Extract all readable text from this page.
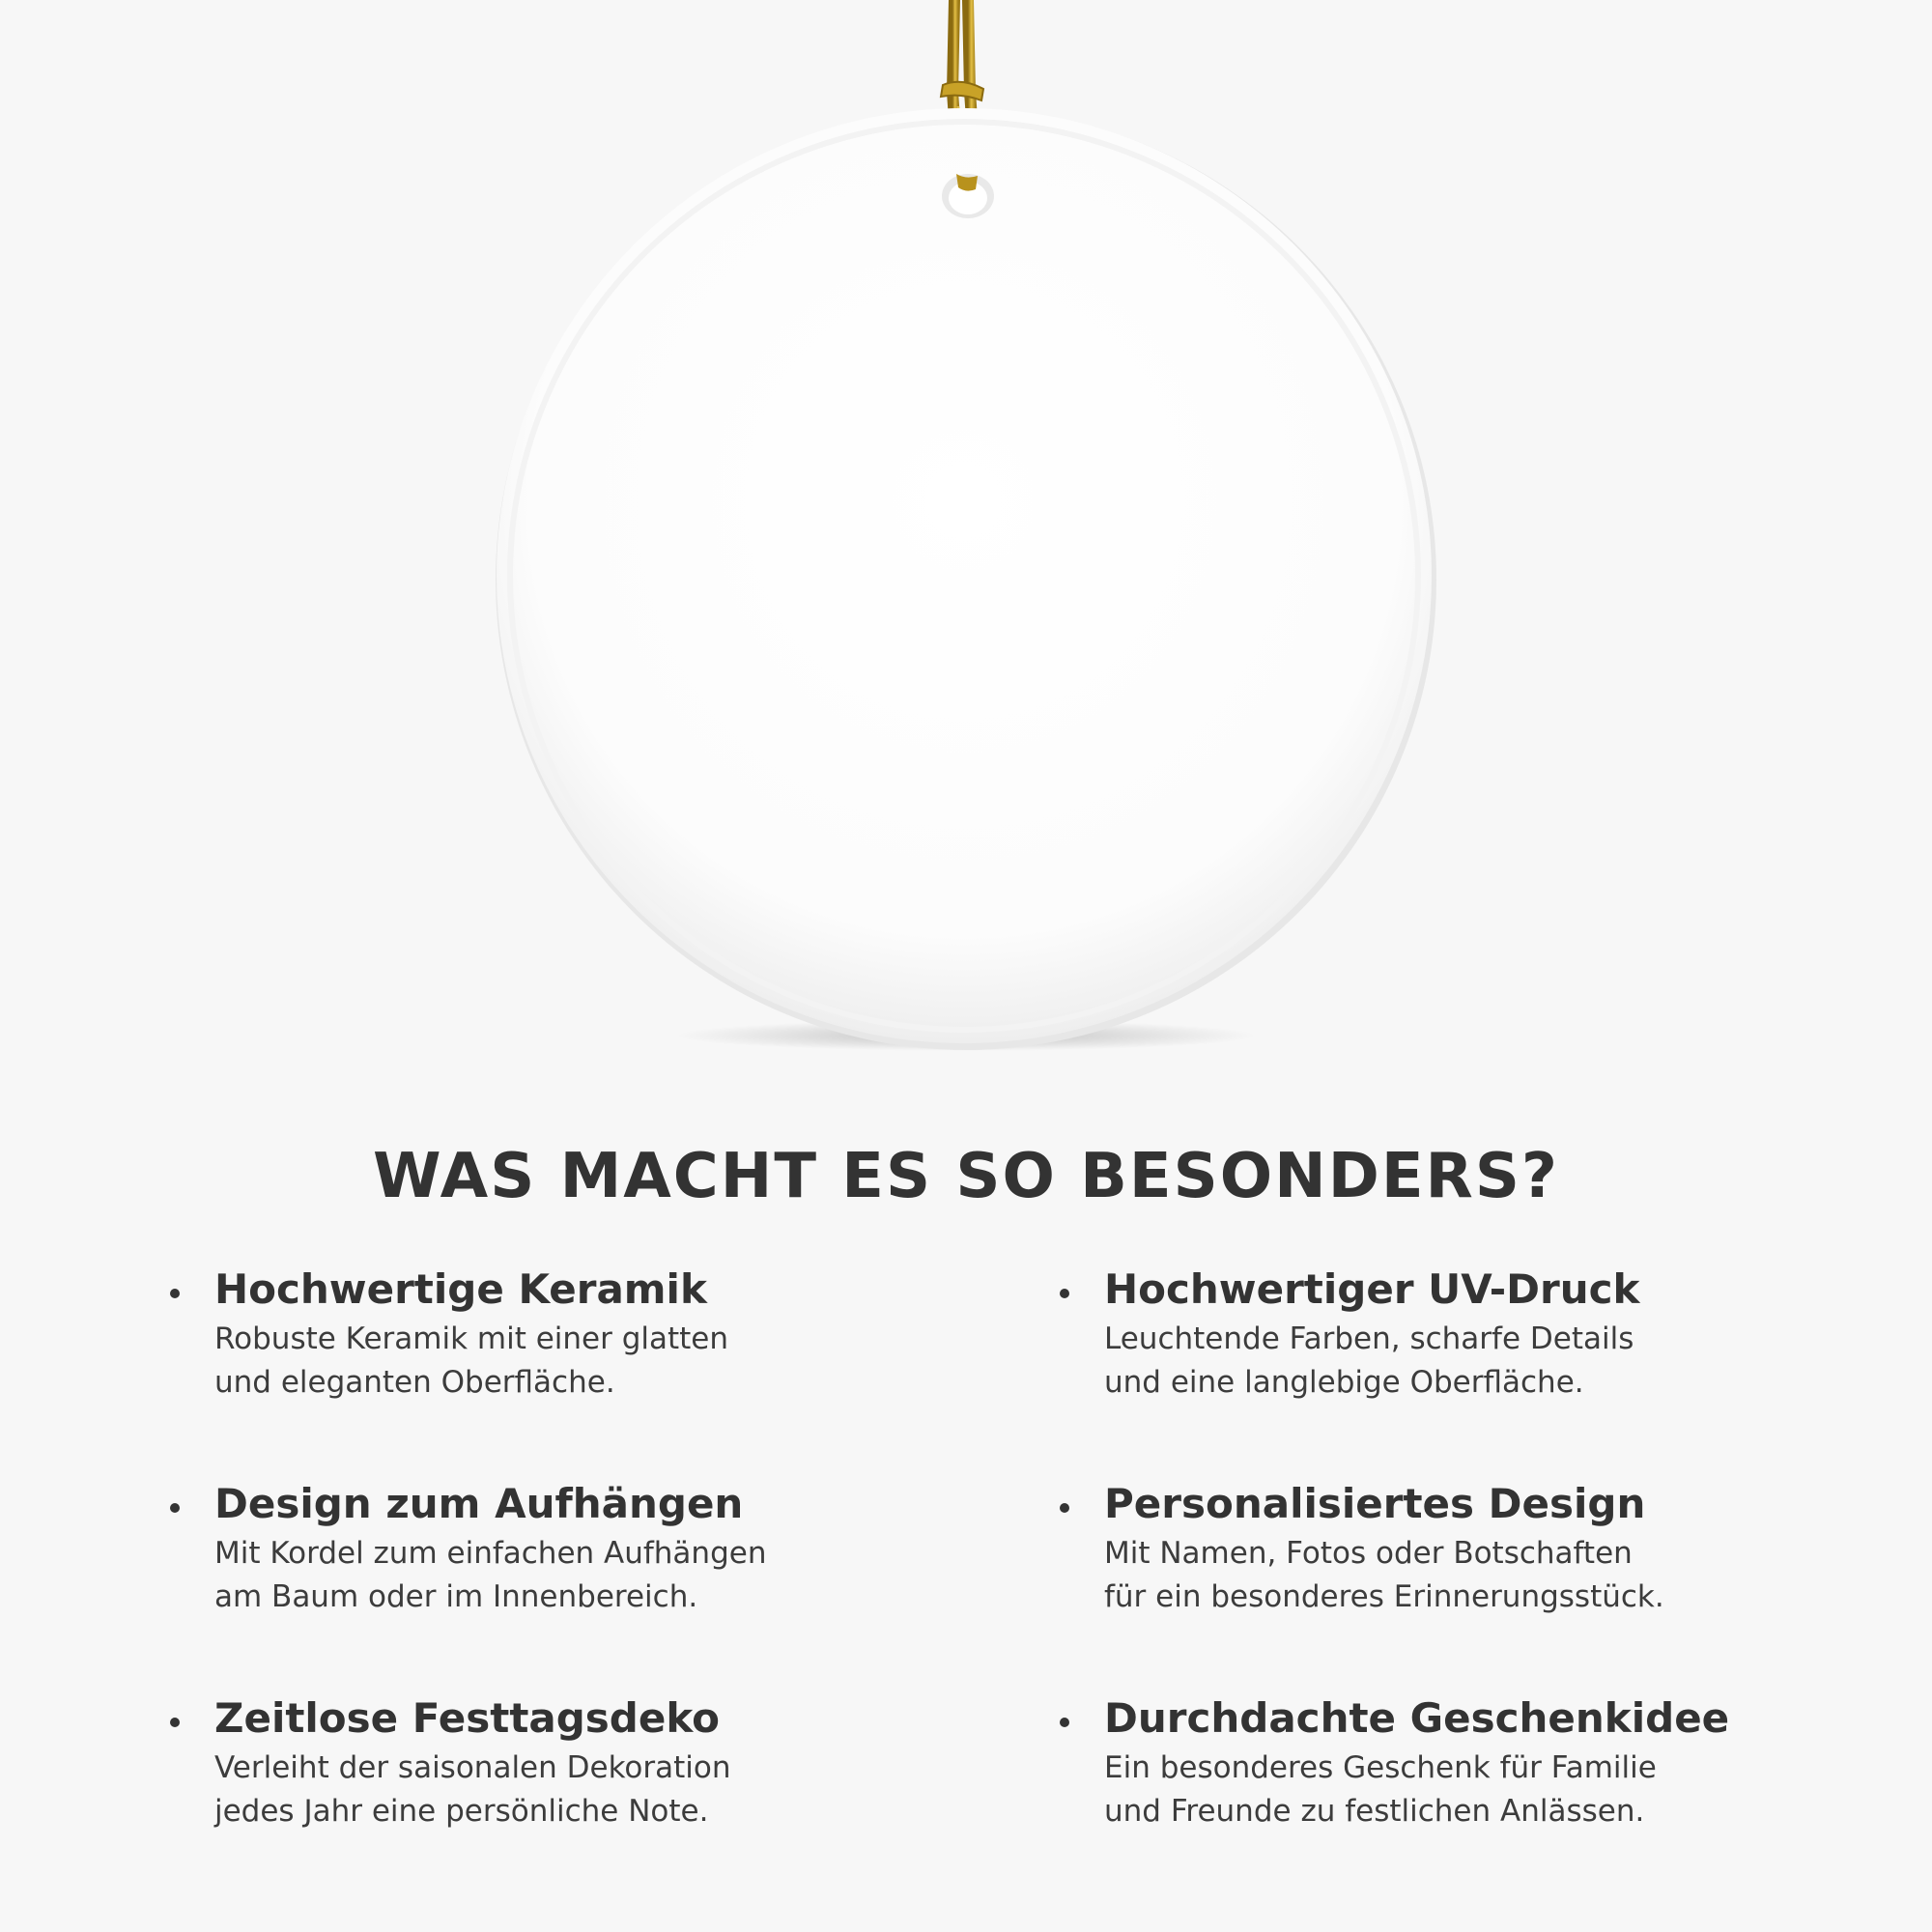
WAS MACHT ES SO BESONDERS?
Hochwertige Keramik
Robuste Keramik mit einer glatten
und eleganten Oberfläche.
Hochwertiger UV-Druck
Leuchtende Farben, scharfe Details
und eine langlebige Oberfläche.
Design zum Aufhängen
Mit Kordel zum einfachen Aufhängen
am Baum oder im Innenbereich.
Personalisiertes Design
Mit Namen, Fotos oder Botschaften
für ein besonderes Erinnerungsstück.
Zeitlose Festtagsdeko
Verleiht der saisonalen Dekoration
jedes Jahr eine persönliche Note.
Durchdachte Geschenkidee
Ein besonderes Geschenk für Familie
und Freunde zu festlichen Anlässen.
